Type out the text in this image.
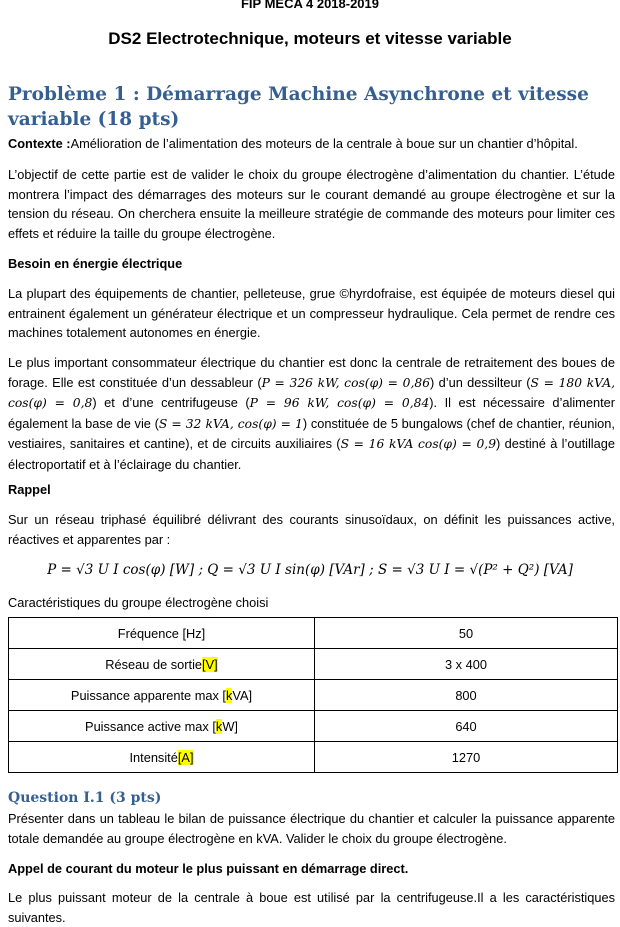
FIP MECA 4 2018-2019
DS2 Electrotechnique, moteurs et vitesse variable
Problème 1 : Démarrage Machine Asynchrone et vitesse variable (18 pts)
Contexte :Amélioration de l’alimentation des moteurs de la centrale à boue sur un chantier d’hôpital.
L’objectif de cette partie est de valider le choix du groupe électrogène d’alimentation du chantier. L’étude montrera l’impact des démarrages des moteurs sur le courant demandé au groupe électrogène et sur la tension du réseau. On cherchera ensuite la meilleure stratégie de commande des moteurs pour limiter ces effets et réduire la taille du groupe électrogène.
Besoin en énergie électrique
La plupart des équipements de chantier, pelleteuse, grue ©hyrdofraise, est équipée de moteurs diesel qui entrainent également un générateur électrique et un compresseur hydraulique. Cela permet de rendre ces machines totalement autonomes en énergie.
Le plus important consommateur électrique du chantier est donc la centrale de retraitement des boues de forage. Elle est constituée d’un dessableur (P = 326 kW, cos(φ) = 0,86) d’un dessilteur (S = 180 kVA, cos(φ) = 0,8) et d’une centrifugeuse (P = 96 kW, cos(φ) = 0,84). Il est nécessaire d’alimenter également la base de vie (S = 32 kVA, cos(φ) = 1) constituée de 5 bungalows (chef de chantier, réunion, vestiaires, sanitaires et cantine), et de circuits auxiliaires (S = 16 kVA cos(φ) = 0,9) destiné à l’outillage électroportatif et à l’éclairage du chantier.
Rappel
Sur un réseau triphasé équilibré délivrant des courants sinusoïdaux, on définit les puissances active, réactives et apparentes par :
P = √3 U I cos(φ) [W] ; Q = √3 U I sin(φ) [VAr] ; S = √3 U I = √(P² + Q²) [VA]
Caractéristiques du groupe électrogène choisi
Fréquence [Hz]	50
Réseau de sortie[V]	3 x 400
Puissance apparente max [kVA]	800
Puissance active max [kW]	640
Intensité[A]	1270
Question I.1 (3 pts)
Présenter dans un tableau le bilan de puissance électrique du chantier et calculer la puissance apparente totale demandée au groupe électrogène en kVA. Valider le choix du groupe électrogène.
Appel de courant du moteur le plus puissant en démarrage direct.
Le plus puissant moteur de la centrale à boue est utilisé par la centrifugeuse.Il a les caractéristiques suivantes.
